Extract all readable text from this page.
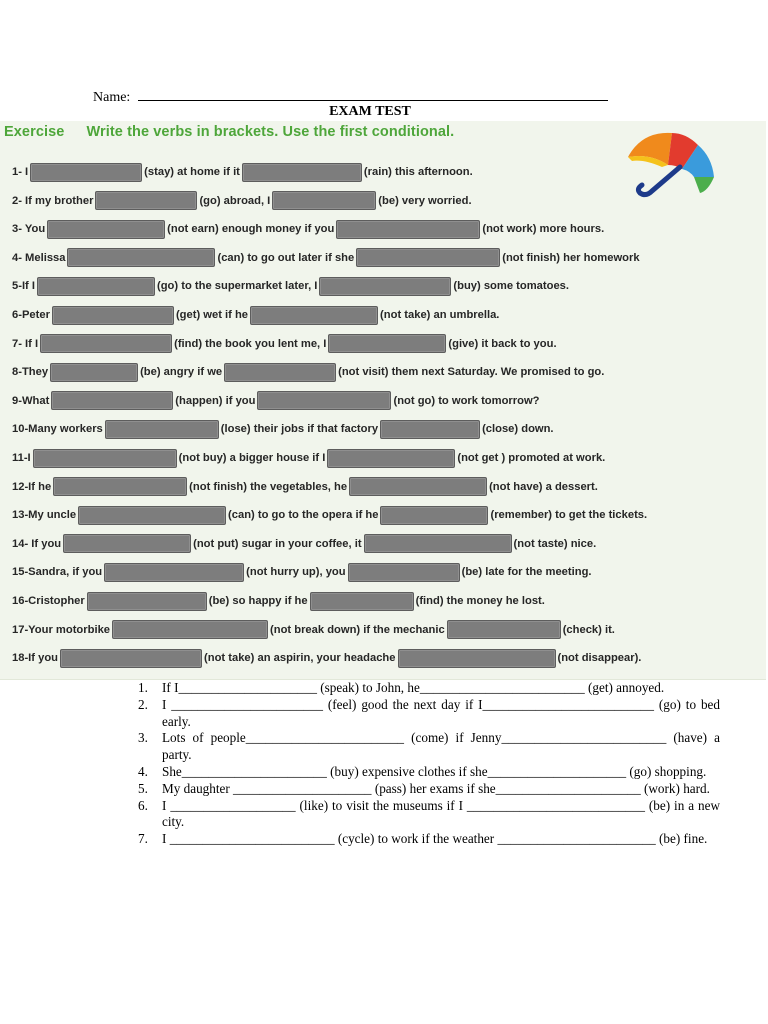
Name:
EXAM TEST
Exercise Write the verbs in brackets. Use the first conditional.
1- I	(stay) at home if it	(rain) this afternoon.
2- If my brother	(go) abroad, I	(be) very worried.
3- You	(not earn) enough money if you	(not work) more hours.
4- Melissa	(can) to go out later if she	(not finish) her homework
5-If I	(go) to the supermarket later, I	(buy) some tomatoes.
6-Peter	(get) wet if he	(not take) an umbrella.
7- If I	(find) the book you lent me, I	(give) it back to you.
8-They	(be) angry if we	(not visit) them next Saturday. We promised to go.
9-What	(happen) if you	(not go) to work tomorrow?
10-Many workers	(lose) their jobs if that factory	(close) down.
11-I	(not buy) a bigger house if I	(not get ) promoted at work.
12-If he	(not finish) the vegetables, he	(not have) a dessert.
13-My uncle	(can) to go to the opera if he	(remember) to get the tickets.
14- If you	(not put) sugar in your coffee, it	(not taste) nice.
15-Sandra, if you	(not hurry up), you	(be) late for the meeting.
16-Cristopher	(be) so happy if he	(find) the money he lost.
17-Your motorbike	(not break down) if the mechanic	(check) it.
18-If you	(not take) an aspirin, your headache	(not disappear).
1. If I_____________________ (speak) to John, he_________________________ (get) annoyed.
2. I _______________________ (feel) good the next day if I__________________________ (go) to bed early.
3. Lots of people________________________ (come) if Jenny_________________________ (have) a party.
4. She______________________ (buy) expensive clothes if she_____________________ (go) shopping.
5. My daughter _____________________ (pass) her exams if she______________________ (work) hard.
6. I ___________________ (like) to visit the museums if I ___________________________ (be) in a new city.
7. I _________________________ (cycle) to work if the weather ________________________ (be) fine.
